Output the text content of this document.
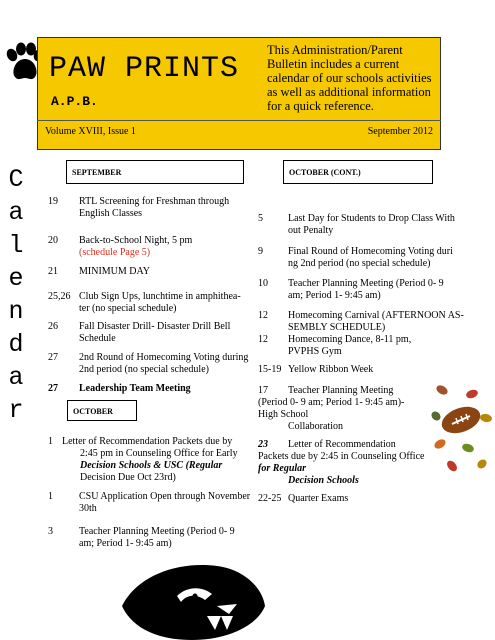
PAW PRINTS
A.P.B.
This Administration/Parent Bulletin includes a current calendar of our schools activities as well as additional information for a quick reference.
Volume XVIII, Issue 1	September 2012
C
a
l
e
n
d
a
r
SEPTEMBER	OCTOBER (CONT.)
OCTOBER
19 RTL Screening for Freshman through
English Classes
20 Back-to-School Night, 5 pm
(schedule Page 5)
21 MINIMUM DAY
25,26 Club Sign Ups, lunchtime in amphithea-
ter (no special schedule)
26 Fall Disaster Drill- Disaster Drill Bell
Schedule
27 2nd Round of Homecoming Voting during
2nd period (no special schedule)
27 Leadership Team Meeting
1 Letter of Recommendation Packets due by
2:45 pm in Counseling Office for Early
Decision Schools & USC (Regular
Decision Due Oct 23rd)
1	CSU Application Open through November
30th
3	Teacher Planning Meeting (Period 0- 9
am; Period 1- 9:45 am)
5	Last Day for Students to Drop Class With
out Penalty
9	Final Round of Homecoming Voting duri
ng 2nd period (no special schedule)
10 Teacher Planning Meeting (Period 0- 9
am; Period 1- 9:45 am)
12 Homecoming Carnival (AFTERNOON AS-
SEMBLY SCHEDULE)
12 Homecoming Dance, 8-11 pm,
PVPHS Gym
15-19 Yellow Ribbon Week
17 Teacher Planning Meeting
(Period 0- 9 am; Period 1- 9:45 am)-
High School
Collaboration
23 Letter of Recommendation
Packets due by 2:45 in Counseling Office
for Regular
Decision Schools
22-25 Quarter Exams
